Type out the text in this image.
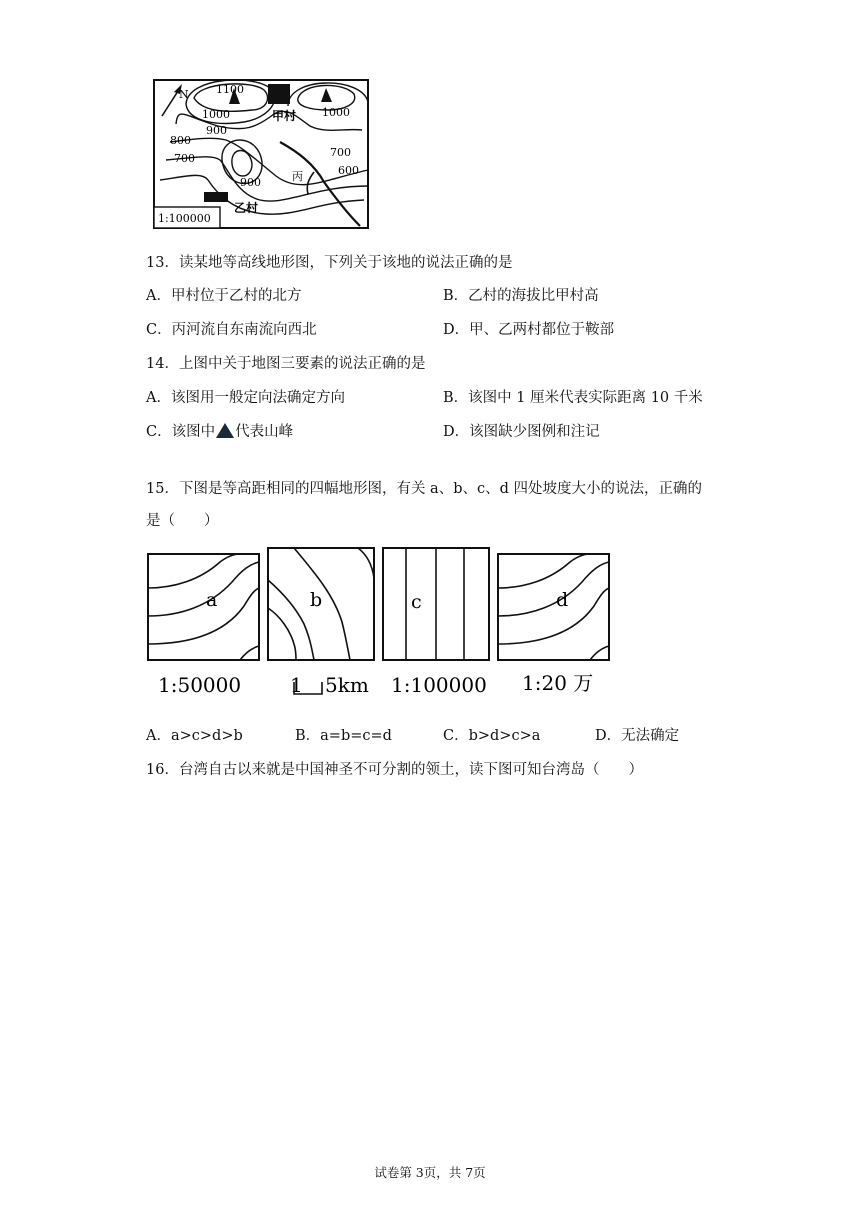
N 1100
1000	1000
900
800
700
900
700
600
甲村
乙村
丙
1:100000
13．读某地等高线地形图，下列关于该地的说法正确的是
A．甲村位于乙村的北方	B．乙村的海拔比甲村高
C．丙河流自东南流向西北	D．甲、乙两村都位于鞍部
14．上图中关于地图三要素的说法正确的是
A．该图用一般定向法确定方向	B．该图中 1 厘米代表实际距离 10 千米
C．该图中 代表山峰	D．该图缺少图例和注记
15．下图是等高距相同的四幅地形图，有关 a、b、c、d 四处坡度大小的说法，正确的
是（　　）
a
1:50000
b
1 5km
c
1:100000
d
1:20 万
A．a>c>d>b	B．a=b=c=d	C．b>d>c>a	D．无法确定
16．台湾自古以来就是中国神圣不可分割的领土，读下图可知台湾岛（　　）
试卷第 3页，共 7页
